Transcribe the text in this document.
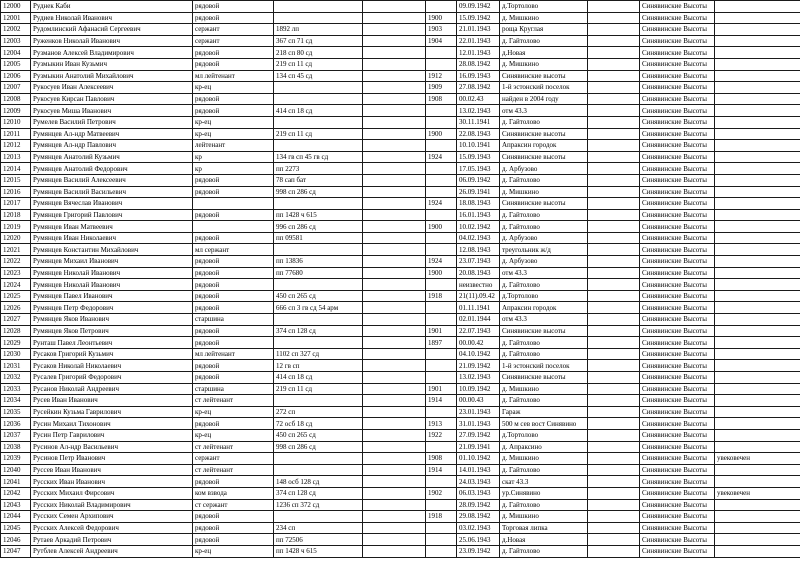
12000	Руднек Каби	рядовой				09.09.1942	д.Тортолово		Синявинские Высоты	
12001	Рудиев Николай Иванович	рядовой			1900	15.09.1942	д. Мишкино		Синявинские Высоты	
12002	Рудомлинский Афанасий Сергеевич	сержант	1892 лп		1903	21.01.1943	роща Круглая		Синявинские Высоты	
12003	Руженков Николай Иванович	сержант	367 сп 71 сд		1904	22.01.1943	д. Гайтолово		Синявинские Высоты	
12004	Рузманов Алексей Владимирович	рядовой	218 сп 80 сд			12.01.1943	д.Новая		Синявинские Высоты	
12005	Рузмыкин Иван Кузьмич	рядовой	219 сп 11 сд			28.08.1942	д. Мишкино		Синявинские Высоты	
12006	Рузмыкин Анатолий Михайлович	мл лейтенант	134 сп 45 сд		1912	16.09.1943	Синявинские высоты		Синявинские Высоты	
12007	Рукосуев Иван Алексеевич	кр-ец			1909	27.08.1942	1-й эстонский поселок		Синявинские Высоты	
12008	Рукосуев Кирсан Павлович	рядовой			1908	00.02.43	найден в 2004 году		Синявинские Высоты	
12009	Рукосуев Миша Иванович	рядовой	414 сп 18 сд			13.02.1943	отм 43.3		Синявинские Высоты	
12010	Румелев Василий Петрович	кр-ец				30.11.1941	д. Гайтолово		Синявинские Высоты	
12011	Румянцев Ал-ндр Матвеевич	кр-ец	219 сп 11 сд		1900	22.08.1943	Синявинские высоты		Синявинские Высоты	
12012	Румянцев Ал-ндр Павлович	лейтенант				10.10.1941	Апраксин городок		Синявинские Высоты	
12013	Румянцев Анатолий Кузьмич	кр	134 гв сп 45 гв сд		1924	15.09.1943	Синявинские высоты		Синявинские Высоты	
12014	Румянцев Анатолий Федорович	кр	пп 2273			17.05.1943	д. Арбузово		Синявинские Высоты	
12015	Румянцев Василий Алексеевич	рядовой	78 сап бат			06.09.1942	д. Гайтолово		Синявинские Высоты	
12016	Румянцев Василий Васильевич	рядовой	998 сп 286 сд			26.09.1941	д. Мишкино		Синявинские Высоты	
12017	Румянцев Вячеслав Иванович				1924	18.08.1943	Синявинские высоты		Синявинские Высоты	
12018	Румянцев Григорий Павлович	рядовой	пп 1428 ч 615			16.01.1943	д. Гайтолово		Синявинские Высоты	
12019	Румянцев Иван Матвеевич		996 сп 286 сд		1900	10.02.1942	д. Гайтолово		Синявинские Высоты	
12020	Румянцев Иван Николаевич	рядовой	пп 09581			04.02.1943	д. Арбузово		Синявинские Высоты	
12021	Румянцев Константин Михайлович	мл сержант				12.08.1943	треугольник ж/д		Синявинские Высоты	
12022	Румянцев Михаил Иванович	рядовой	пп 13836		1924	23.07.1943	д. Арбузово		Синявинские Высоты	
12023	Румянцев Николай Иванович	рядовой	пп 77680		1900	20.08.1943	отм 43.3		Синявинские Высоты	
12024	Румянцев Николай Иванович	рядовой				неизвестно	д. Гайтолово		Синявинские Высоты	
12025	Румянцев Павел Иванович	рядовой	450 сп 265 сд		1918	21(11).09.42	д.Тортолово		Синявинские Высоты	
12026	Румянцев Петр Федорович	рядовой	666 сп 3 гв сд 54 арм			01.11.1941	Апраксин городок		Синявинские Высоты	
12027	Румянцев Яков Иванович	старшина				02.01.1944	отм 43.3		Синявинские Высоты	
12028	Румянцев Яков Петрович	рядовой	374 сп 128 сд		1901	22.07.1943	Синявинские высоты		Синявинские Высоты	
12029	Рунташ Павел Леонтьевич	рядовой			1897	00.00.42	д. Гайтолово		Синявинские Высоты	
12030	Русаков Григорий Кузьмич	мл лейтенант	1102 сп 327 сд			04.10.1942	д. Гайтолово		Синявинские Высоты	
12031	Русаков Николай Николаевич	рядовой	12 гв сп			21.09.1942	1-й эстонский поселок		Синявинские Высоты	
12032	Русалев Григорий Федорович	рядовой	414 сп 18 сд			13.02.1943	Синявинские высоты		Синявинские Высоты	
12033	Русанов Николай Андреевич	старшина	219 сп 11 сд		1901	10.09.1942	д. Мишкино		Синявинские Высоты	
12034	Русев Иван Иванович	ст лейтенант			1914	00.00.43	д. Гайтолово		Синявинские Высоты	
12035	Русейкин Кузьма Гаврилович	кр-ец	272 сп			23.01.1943	Гараж		Синявинские Высоты	
12036	Русин Михаил Тихонович	рядовой	72 осб 18 сд		1913	31.01.1943	500 м сев вост Синявино		Синявинские Высоты	
12037	Русин Петр Гаврилович	кр-ец	450 сп 265 сд		1922	27.09.1942	д.Тортолово		Синявинские Высоты	
12038	Русинов Ал-ндр Васильевич	ст лейтенант	998 сп 286 сд			21.09.1941	д. Апраксино		Синявинские Высоты	
12039	Русинов Петр Иванович	сержант			1908	01.10.1942	д. Мишкино		Синявинские Высоты	увековечен
12040	Руссев Иван Иванович	ст лейтенант			1914	14.01.1943	д. Гайтолово		Синявинские Высоты	
12041	Русских Иван Иванович	рядовой	148 осб 128 сд			24.03.1943	скат 43.3		Синявинские Высоты	
12042	Русских Михаил Фирсович	ком взвода	374 сп 128 сд		1902	06.03.1943	ур.Синявино		Синявинские Высоты	увековечен
12043	Русских Николай Владимирович	ст сержант	1236 сп 372 сд			28.09.1942	д. Гайтолово		Синявинские Высоты	
12044	Русских Семен Архипович	рядовой			1918	29.08.1942	д. Мишкино		Синявинские Высоты	
12045	Русских Алексей Федорович	рядовой	234 сп			03.02.1943	Торговая липка		Синявинские Высоты	
12046	Рутаев Аркадий Петрович	рядовой	пп 72506			25.06.1943	д.Новая		Синявинские Высоты	
12047	Рутблев Алексей Андреевич	кр-ец	пп 1428 ч 615			23.09.1942	д. Гайтолово		Синявинские Высоты	
